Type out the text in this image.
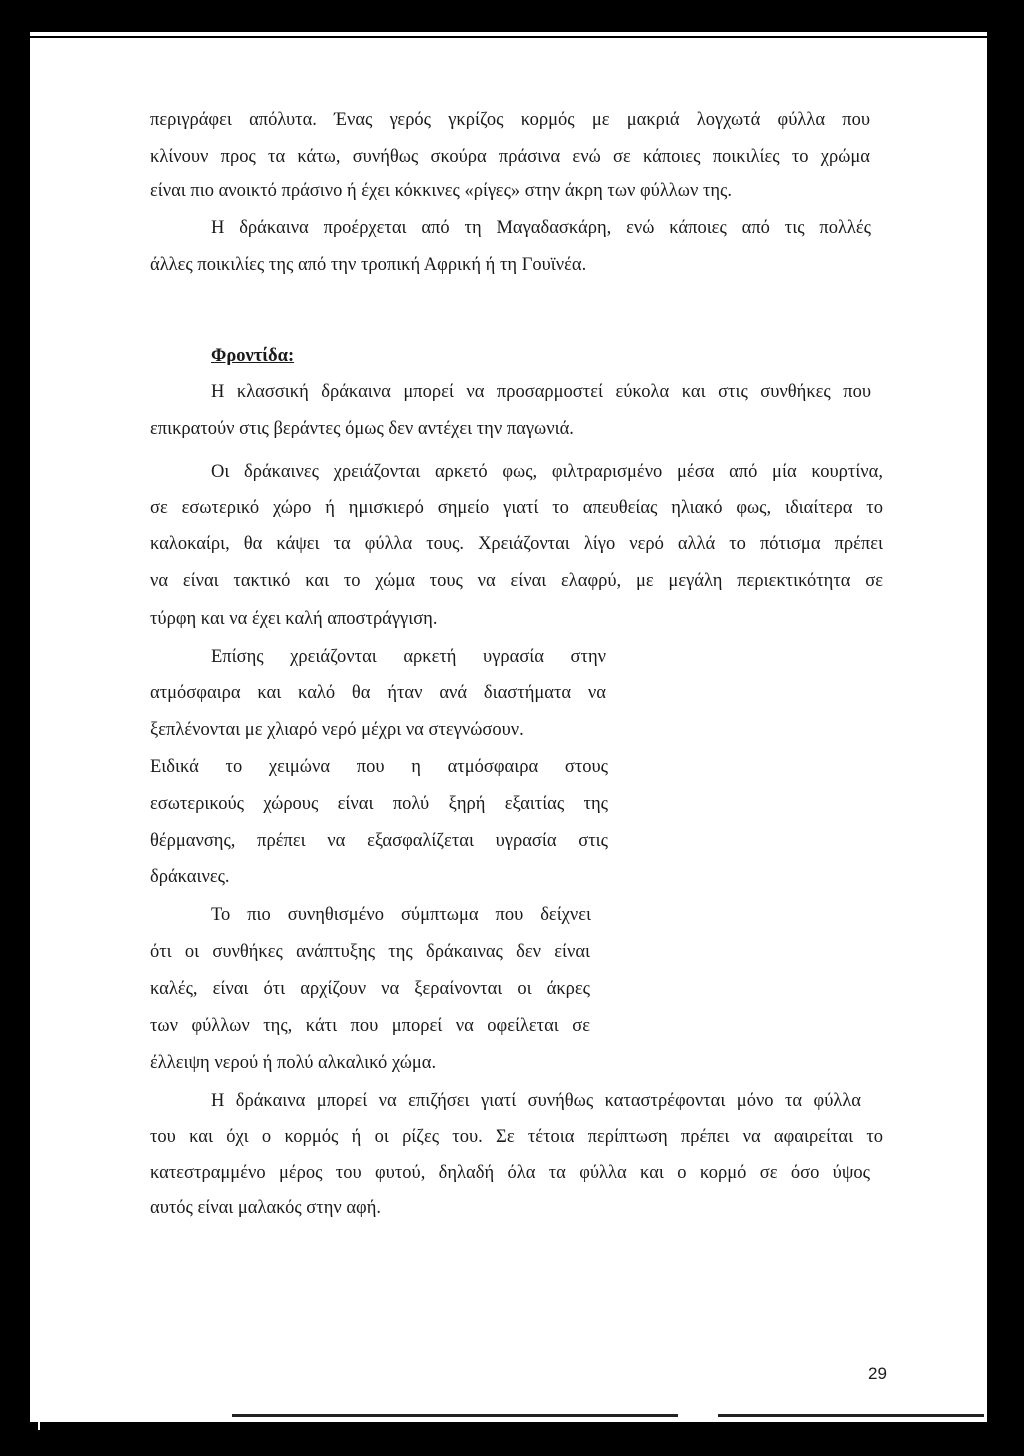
περιγράφει απόλυτα. Ένας γερός γκρίζος κορμός με μακριά λογχωτά φύλλα που

κλίνουν προς τα κάτω, συνήθως σκούρα πράσινα ενώ σε κάποιες ποικιλίες το χρώμα

είναι πιο ανοικτό πράσινο ή έχει κόκκινες «ρίγες» στην άκρη των φύλλων της.

Η δράκαινα προέρχεται από τη Μαγαδασκάρη, ενώ κάποιες από τις πολλές

άλλες ποικιλίες της από την τροπική Αφρική ή τη Γουϊνέα.

Φροντίδα:

Η κλασσική δράκαινα μπορεί να προσαρμοστεί εύκολα και στις συνθήκες που

επικρατούν στις βεράντες όμως δεν αντέχει την παγωνιά.

Οι δράκαινες χρειάζονται αρκετό φως, φιλτραρισμένο μέσα από μία κουρτίνα,

σε εσωτερικό χώρο ή ημισκιερό σημείο γιατί το απευθείας ηλιακό φως, ιδιαίτερα το

καλοκαίρι, θα κάψει τα φύλλα τους. Χρειάζονται λίγο νερό αλλά το πότισμα πρέπει

να είναι τακτικό και το χώμα τους να είναι ελαφρύ, με μεγάλη περιεκτικότητα σε

τύρφη και να έχει καλή αποστράγγιση.

Επίσης χρειάζονται αρκετή υγρασία στην

ατμόσφαιρα και καλό θα ήταν ανά διαστήματα να

ξεπλένονται με χλιαρό νερό μέχρι να στεγνώσουν.

Ειδικά το χειμώνα που η ατμόσφαιρα στους

εσωτερικούς χώρους είναι πολύ ξηρή εξαιτίας της

θέρμανσης, πρέπει να εξασφαλίζεται υγρασία στις

δράκαινες.

Το πιο συνηθισμένο σύμπτωμα που δείχνει

ότι οι συνθήκες ανάπτυξης της δράκαινας δεν είναι

καλές, είναι ότι αρχίζουν να ξεραίνονται οι άκρες

των φύλλων της, κάτι που μπορεί να οφείλεται σε

έλλειψη νερού ή πολύ αλκαλικό χώμα.

Η δράκαινα μπορεί να επιζήσει γιατί συνήθως καταστρέφονται μόνο τα φύλλα

του και όχι ο κορμός ή οι ρίζες του. Σε τέτοια περίπτωση πρέπει να αφαιρείται το

κατεστραμμένο μέρος του φυτού, δηλαδή όλα τα φύλλα και ο κορμό σε όσο ύψος

αυτός είναι μαλακός στην αφή.

29
